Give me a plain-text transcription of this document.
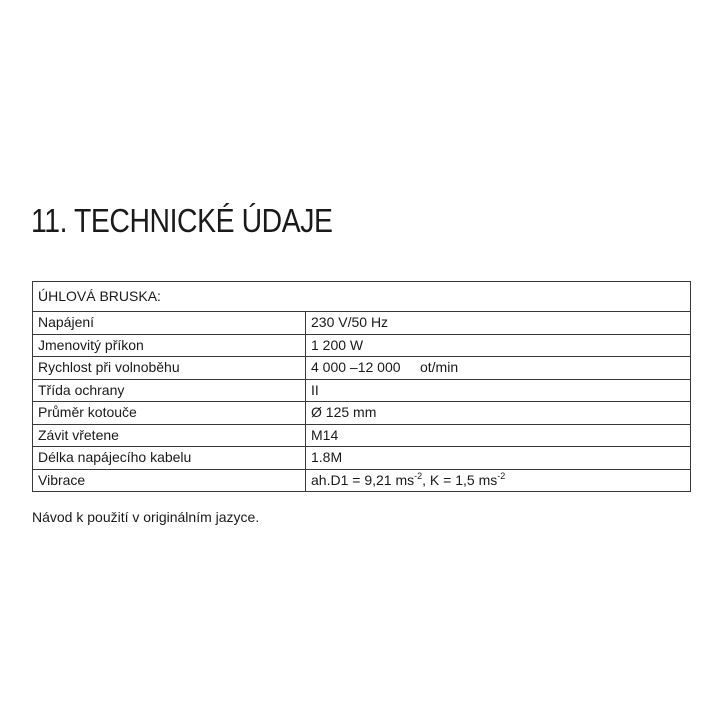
11. TECHNICKÉ ÚDAJE
ÚHLOVÁ BRUSKA:	
Napájení	230 V/50 Hz
Jmenovitý příkon	1 200 W
Rychlost při volnoběhu	4 000 –12 000     ot/min
Třída ochrany	II
Průměr kotouče	Ø 125 mm
Závit vřetene	M14
Délka napájecího kabelu	1.8M
Vibrace	ah.D1 = 9,21 $ms^{-2}$, K = 1,5 $ms^{-2}$

Návod k použití v originálním jazyce.
